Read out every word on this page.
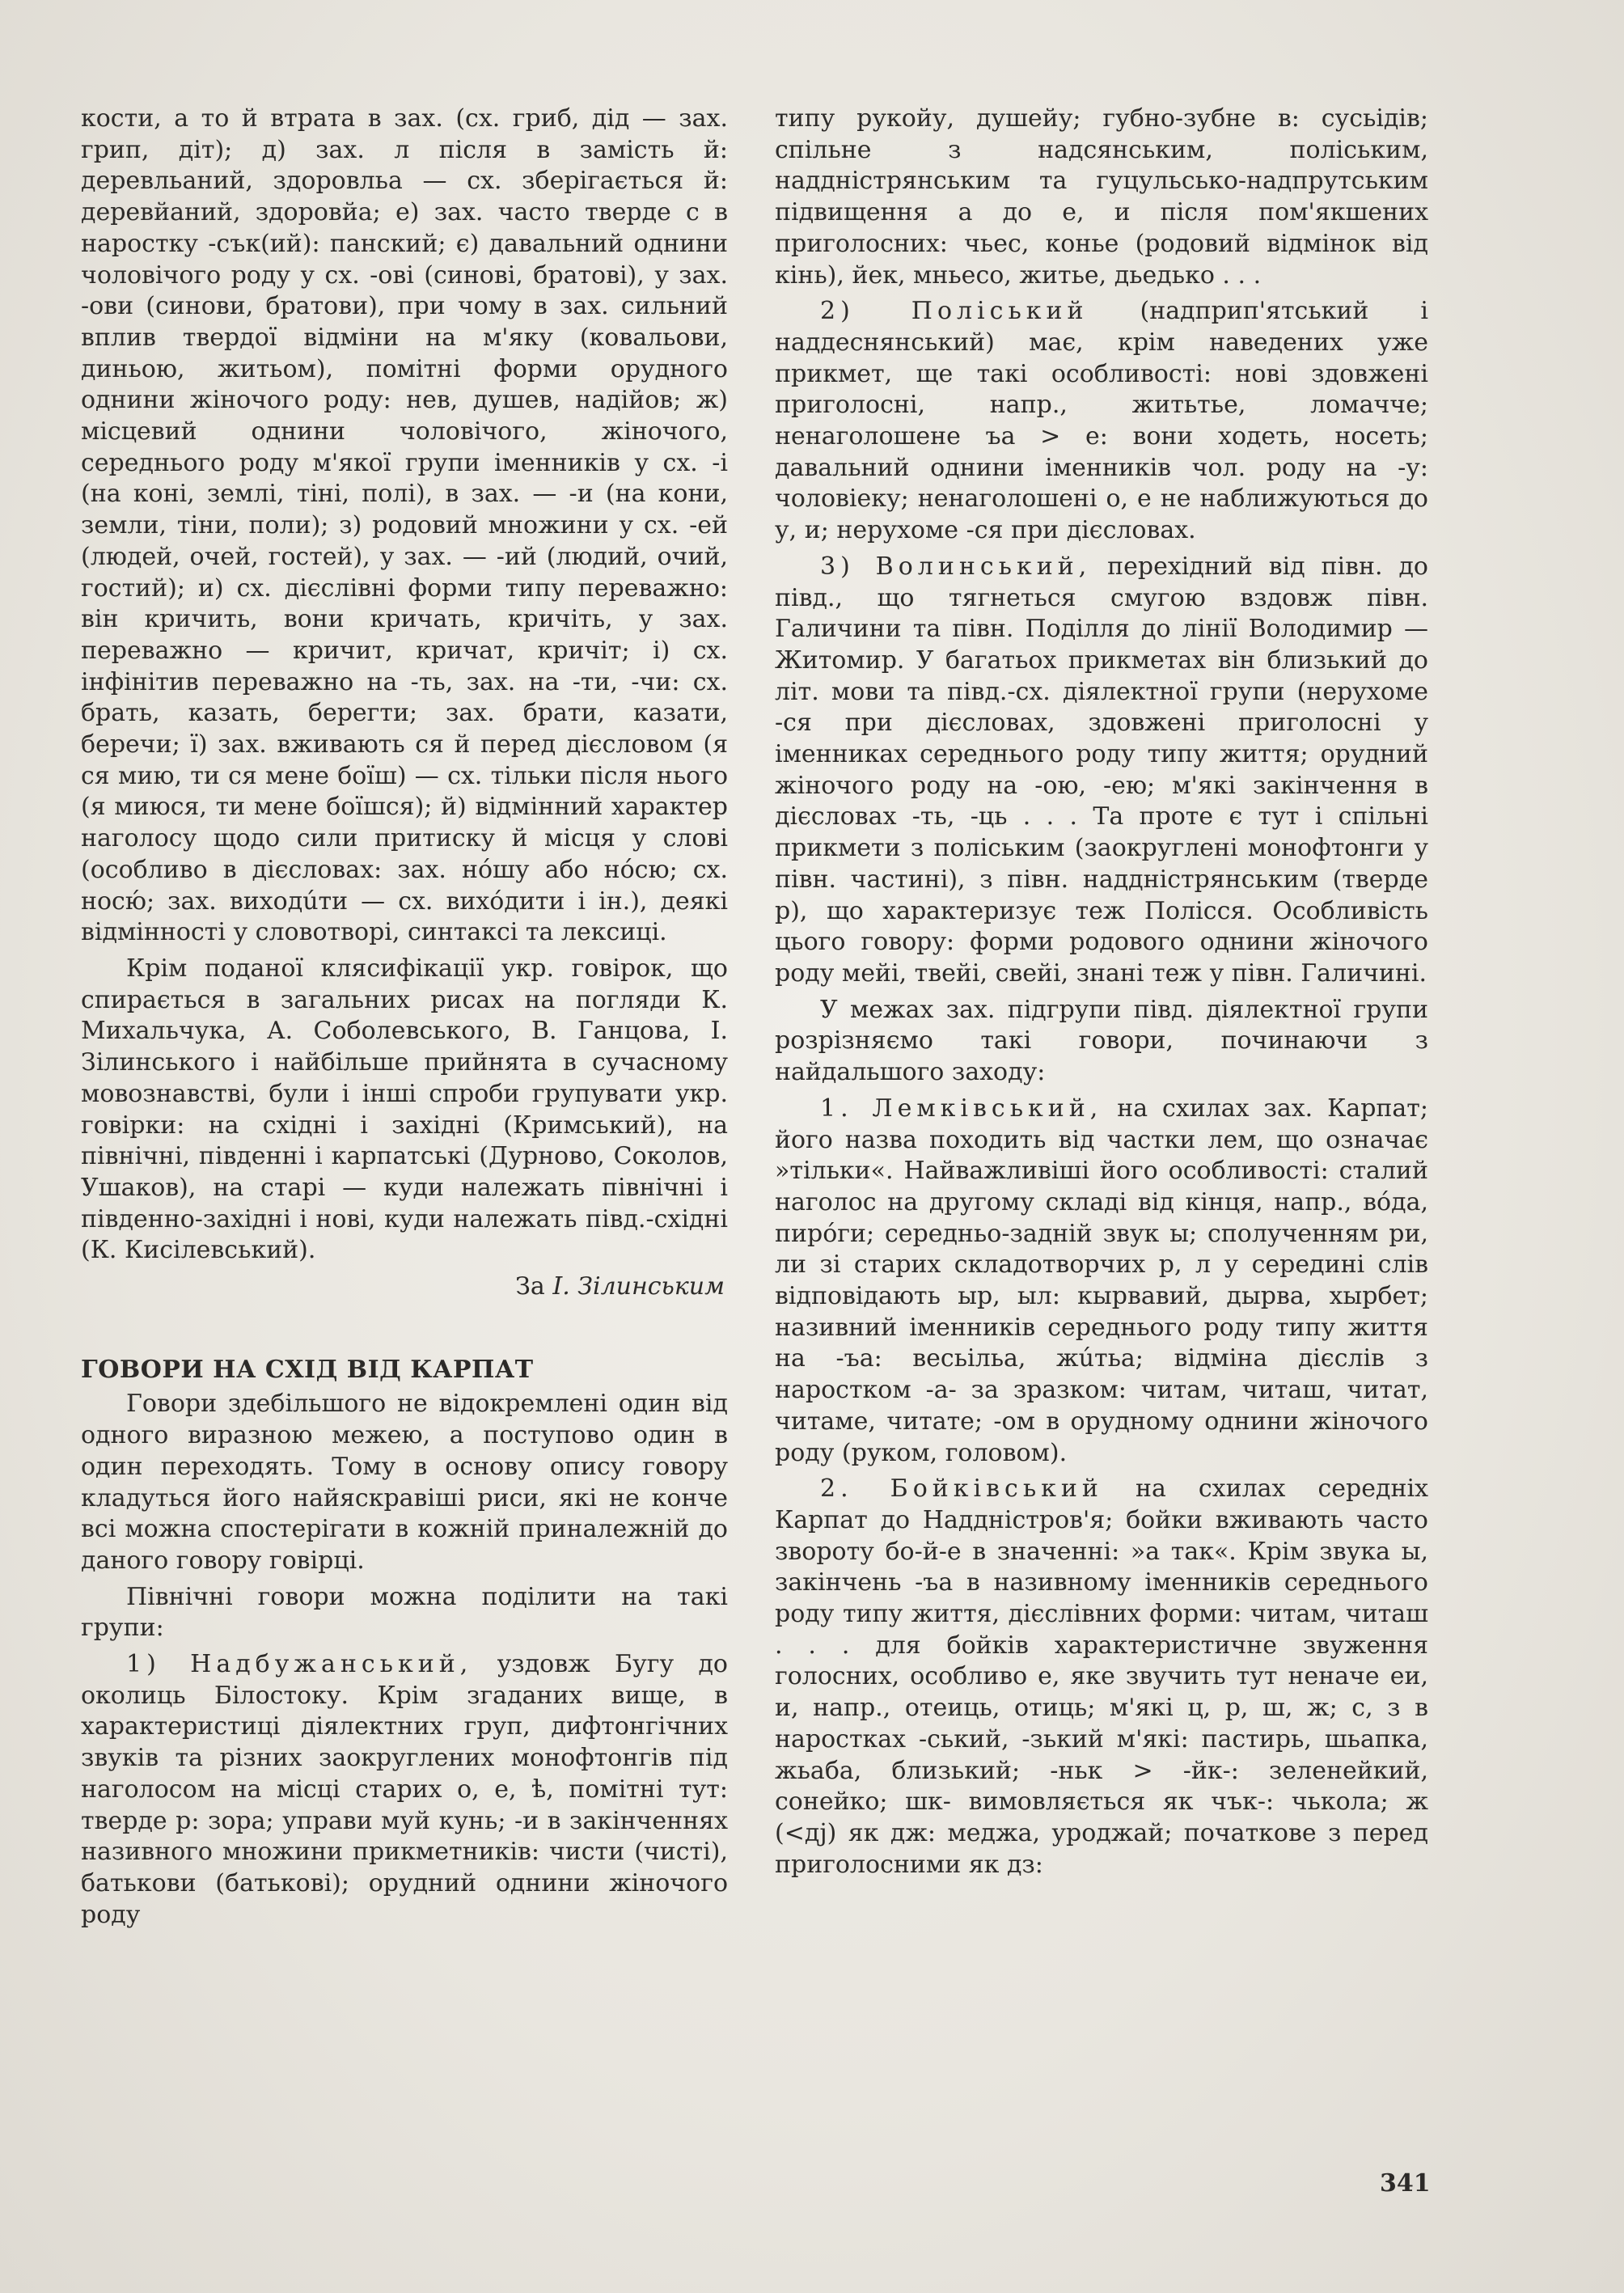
кости, а то й втрата в зах. (сх. гриб, дід — зах. грип, діт); д) зах. л після в замість й: деревльаний, здоровльа — сх. зберігається й: деревйаний, здоровйа; е) зах. часто тверде с в наростку -сък(ий): панский; є) давальний однини чоловічого роду у сх. -ові (синові, братові), у зах. -ови (синови, братови), при чому в зах. сильний вплив твердої відміни на м'яку (ковальови, диньою, житьом), помітні форми орудного однини жіночого роду: нев, душев, надійов; ж) місцевий однини чоловічого, жіночого, середнього роду м'якої групи іменників у сх. -і (на коні, землі, тіні, полі), в зах. — -и (на кони, земли, тіни, поли); з) родовий множини у сх. -ей (людей, очей, гостей), у зах. — -ий (людий, очий, гостий); и) сх. дієслівні форми типу переважно: він кричить, вони кричать, кричіть, у зах. переважно — кричит, кричат, кричіт; і) сх. інфінітив переважно на -ть, зах. на -ти, -чи: сх. брать, казать, берегти; зах. брати, казати, беречи; ї) зах. вживають ся й перед дієсловом (я ся мию, ти ся мене боїш) — сх. тільки після нього (я миюся, ти мене боїшся); й) відмінний характер наголосу щодо сили притиску й місця у слові (особливо в дієсловах: зах. нóшу або нóсю; сх. носю́; зах. виходúти — сх. вихóдити і ін.), деякі відмінності у словотворі, синтаксі та лексиці.

Крім поданої клясифікації укр. говірок, що спирається в загальних рисах на погляди К. Михальчука, А. Соболевського, В. Ганцова, І. Зілинського і найбільше прийнята в сучасному мовознавстві, були і інші спроби групувати укр. говірки: на східні і західні (Кримський), на північні, південні і карпатські (Дурново, Соколов, Ушаков), на старі — куди належать північні і південно-західні і нові, куди належать півд.-східні (К. Кисілевський).

За І. Зілинським

ГОВОРИ НА СХІД ВІД КАРПАТ

Говори здебільшого не відокремлені один від одного виразною межею, а поступово один в один переходять. Тому в основу опису говору кладуться його найяскравіші риси, які не конче всі можна спостерігати в кожній приналежній до даного говору говірці.

Північні говори можна поділити на такі групи:

1) Надбужанський, уздовж Бугу до околиць Білостоку. Крім згаданих вище, в характеристиці діялектних груп, дифтонгічних звуків та різних заокруглених монофтонгів під наголосом на місці старих о, е, ѣ, помітні тут: тверде р: зора; управи муй кунь; -и в закінченнях називного множини прикметників: чисти (чисті), батькови (батькові); орудний однини жіночого роду

типу рукойу, душейу; губно-зубне в: сусьідів; спільне з надсянським, поліським, наддністрянським та гуцульсько-надпрутським підвищення а до е, и після пом'якшених приголосних: чьес, конье (родовий відмінок від кінь), йек, мньесо, житье, дьедько . . .

2) Поліський (надприп'ятський і наддеснянський) має, крім наведених уже прикмет, ще такі особливості: нові здовжені приголосні, напр., житьтье, ломачче; ненаголошене ъа > е: вони ходеть, носеть; давальний однини іменників чол. роду на -у: чоловіеку; ненаголошені о, е не наближуються до у, и; нерухоме -ся при дієсловах.

3) Волинський, перехідний від півн. до півд., що тягнеться смугою вздовж півн. Галичини та півн. Поділля до лінії Володимир — Житомир. У багатьох прикметах він близький до літ. мови та півд.-сх. діялектної групи (нерухоме -ся при дієсловах, здовжені приголосні у іменниках середнього роду типу життя; орудний жіночого роду на -ою, -ею; м'які закінчення в дієсловах -ть, -ць . . . Та проте є тут і спільні прикмети з поліським (заокруглені монофтонги у півн. частині), з півн. наддністрянським (тверде р), що характеризує теж Полісся. Особливість цього говору: форми родового однини жіночого роду мейі, твейі, свейі, знані теж у півн. Галичині.

У межах зах. підгрупи півд. діялектної групи розрізняємо такі говори, починаючи з найдальшого заходу:

1. Лемківський, на схилах зах. Карпат; його назва походить від частки лем, що означає »тільки«. Найважливіші його особливості: сталий наголос на другому складі від кінця, напр., вóда, пирóги; середньо-задній звук ы; сполученням ри, ли зі старих складотворчих р, л у середині слів відповідають ыр, ыл: кырвавий, дырва, хырбет; називний іменників середнього роду типу життя на -ъа: весьільа, жúтьа; відміна дієслів з наростком -а- за зразком: читам, читаш, читат, читаме, читате; -ом в орудному однини жіночого роду (руком, головом).

2. Бойківський на схилах середніх Карпат до Наддністров'я; бойки вживають часто звороту бо-й-е в значенні: »а так«. Крім звука ы, закінчень -ъа в називному іменників середнього роду типу життя, дієслівних форми: читам, читаш . . . для бойків характеристичне звуження голосних, особливо е, яке звучить тут неначе еи, и, напр., отеиць, отиць; м'які ц, р, ш, ж; с, з в наростках -ський, -зький м'які: пастирь, шьапка, жьаба, близький; -ньк > -йк-: зеленейкий, сонейко; шк- вимовляється як чък-: чькола; ж (<дj) як дж: меджа, уроджай; початкове з перед приголосними як дз:

341
